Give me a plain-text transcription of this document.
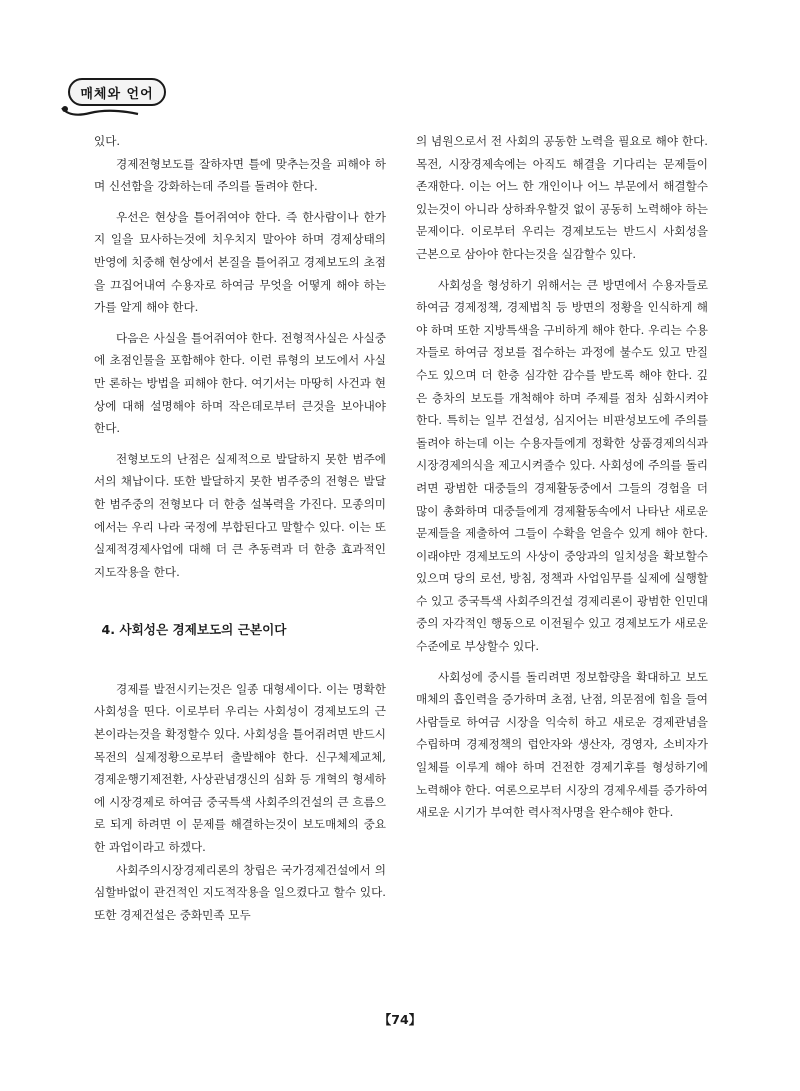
매체와 언어

있다.

경제전형보도를 잘하자면 틀에 맞추는것을 피해야 하며 신선함을 강화하는데 주의를 돌려야 한다.

우선은 현상을 틀어쥐여야 한다. 즉 한사람이나 한가지 일을 묘사하는것에 치우치지 말아야 하며 경제상태의 반영에 치중해 현상에서 본질을 틀어쥐고 경제보도의 초점을 끄집어내여 수용자로 하여금 무엇을 어떻게 해야 하는가를 알게 해야 한다.

다음은 사실을 틀어쥐여야 한다. 전형적사실은 사실중에 초점인물을 포함해야 한다. 이런 류형의 보도에서 사실만 론하는 방법을 피해야 한다. 여기서는 마땅히 사건과 현상에 대해 설명해야 하며 작은데로부터 큰것을 보아내야 한다.

전형보도의 난점은 실제적으로 발달하지 못한 범주에서의 채납이다. 또한 발달하지 못한 범주중의 전형은 발달한 범주중의 전형보다 더 한층 설복력을 가진다. 모종의미에서는 우리 나라 국정에 부합된다고 말할수 있다. 이는 또 실제적경제사업에 대해 더 큰 추동력과 더 한층 효과적인 지도작용을 한다.

4. 사회성은 경제보도의 근본이다

경제를 발전시키는것은 일종 대형세이다. 이는 명확한 사회성을 띤다. 이로부터 우리는 사회성이 경제보도의 근본이라는것을 확정할수 있다. 사회성을 틀어쥐려면 반드시 목전의 실제정황으로부터 출발해야 한다. 신구체제교체, 경제운행기제전환, 사상관념갱신의 심화 등 개혁의 형세하에 시장경제로 하여금 중국특색 사회주의건설의 큰 흐름으로 되게 하려면 이 문제를 해결하는것이 보도매체의 중요한 과업이라고 하겠다.

사회주의시장경제리론의 창립은 국가경제건설에서 의심할바없이 관건적인 지도적작용을 일으켰다고 할수 있다. 또한 경제건설은 중화민족 모두

의 념원으로서 전 사회의 공동한 노력을 필요로 해야 한다. 목전, 시장경제속에는 아직도 해결을 기다리는 문제들이 존재한다. 이는 어느 한 개인이나 어느 부문에서 해결할수 있는것이 아니라 상하좌우할것 없이 공동히 노력해야 하는 문제이다. 이로부터 우리는 경제보도는 반드시 사회성을 근본으로 삼아야 한다는것을 실감할수 있다.

사회성을 형성하기 위해서는 큰 방면에서 수용자들로 하여금 경제정책, 경제법칙 등 방면의 정황을 인식하게 해야 하며 또한 지방특색을 구비하게 해야 한다. 우리는 수용자들로 하여금 정보를 접수하는 과정에 불수도 있고 만질수도 있으며 더 한층 심각한 감수를 받도록 해야 한다. 깊은 층차의 보도를 개척해야 하며 주제를 점차 심화시켜야 한다. 특히는 일부 건설성, 심지어는 비판성보도에 주의를 돌려야 하는데 이는 수용자들에게 정확한 상품경제의식과 시장경제의식을 제고시켜줄수 있다. 사회성에 주의를 돌리려면 광범한 대중들의 경제활동중에서 그들의 경험을 더 많이 총화하며 대중들에게 경제활동속에서 나타난 새로운 문제들을 제출하여 그들이 수확을 얻을수 있게 해야 한다. 이래야만 경제보도의 사상이 중앙과의 일치성을 확보할수 있으며 당의 로선, 방침, 정책과 사업임무를 실제에 실행할수 있고 중국특색 사회주의건설 경제리론이 광범한 인민대중의 자각적인 행동으로 이전될수 있고 경제보도가 새로운 수준에로 부상할수 있다.

사회성에 중시를 돌리려면 정보함량을 확대하고 보도매체의 흡인력을 증가하며 초점, 난점, 의문점에 힘을 들여 사람들로 하여금 시장을 익숙히 하고 새로운 경제관념을 수립하며 경제정책의 럽안자와 생산자, 경영자, 소비자가 일체를 이루게 해야 하며 건전한 경제기후를 형성하기에 노력해야 한다. 여론으로부터 시장의 경제우세를 증가하여 새로운 시기가 부여한 력사적사명을 완수해야 한다.

【74】
